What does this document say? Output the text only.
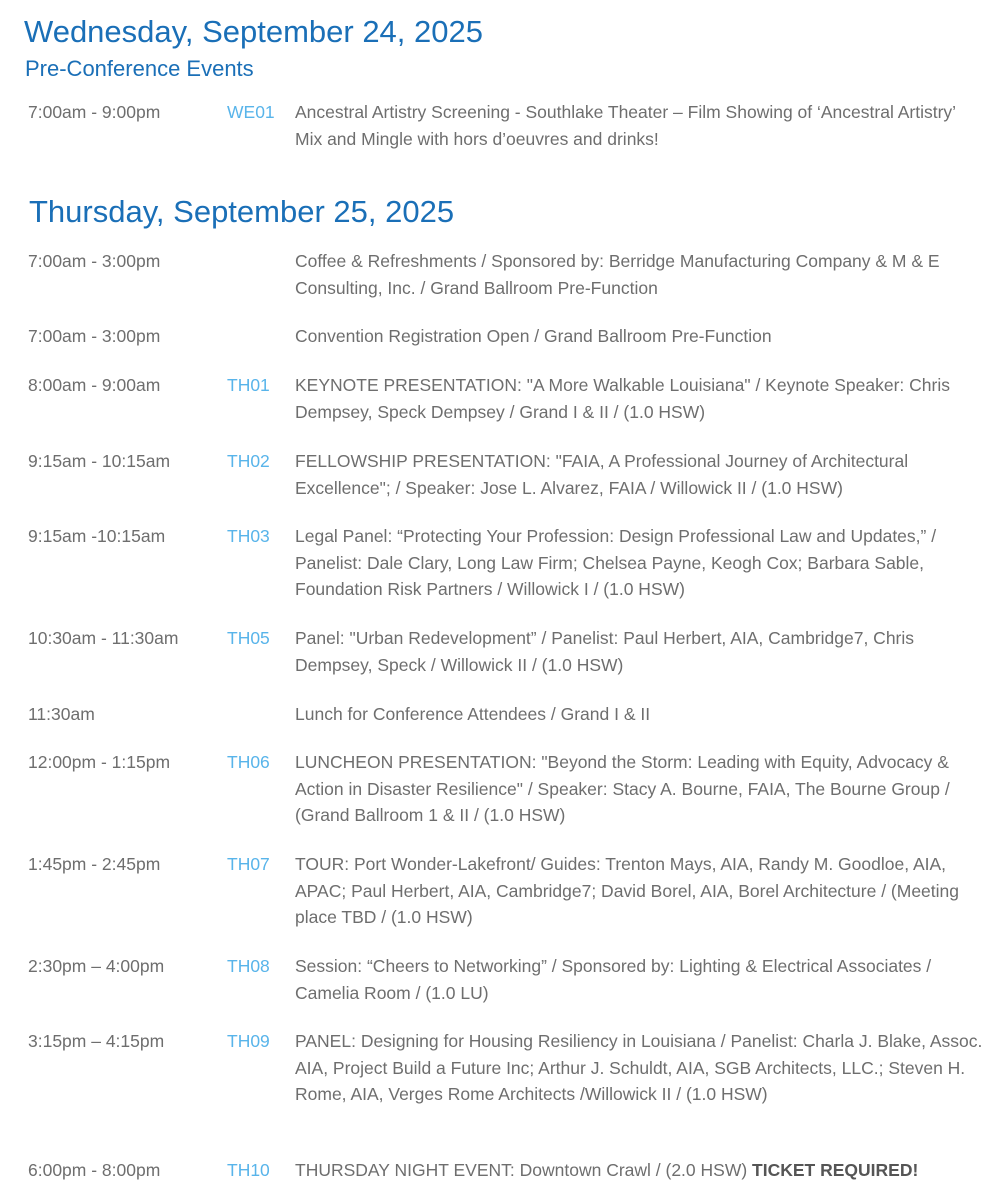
Wednesday, September 24, 2025
Pre-Conference Events
7:00am - 9:00pm	WE01 Ancestral Artistry Screening - Southlake Theater – Film Showing of ‘Ancestral Artistry’ Mix and Mingle with hors d’oeuvres and drinks!
Thursday, September 25, 2025
7:00am - 3:00pm	Coffee & Refreshments / Sponsored by: Berridge Manufacturing Company & M & E Consulting, Inc. / Grand Ballroom Pre-Function
7:00am - 3:00pm	Convention Registration Open / Grand Ballroom Pre-Function
8:00am - 9:00am	TH01 KEYNOTE PRESENTATION: "A More Walkable Louisiana" / Keynote Speaker: Chris Dempsey, Speck Dempsey / Grand I & II / (1.0 HSW)
9:15am - 10:15am	TH02 FELLOWSHIP PRESENTATION: "FAIA, A Professional Journey of Architectural Excellence"; / Speaker: Jose L. Alvarez, FAIA / Willowick II / (1.0 HSW)
9:15am -10:15am	TH03 Legal Panel: “Protecting Your Profession: Design Professional Law and Updates,” / Panelist: Dale Clary, Long Law Firm; Chelsea Payne, Keogh Cox; Barbara Sable, Foundation Risk Partners / Willowick I / (1.0 HSW)
10:30am - 11:30am	TH05 Panel: "Urban Redevelopment” / Panelist: Paul Herbert, AIA, Cambridge7, Chris Dempsey, Speck / Willowick II / (1.0 HSW)
11:30am	Lunch for Conference Attendees / Grand I & II
12:00pm - 1:15pm	TH06 LUNCHEON PRESENTATION: "Beyond the Storm: Leading with Equity, Advocacy & Action in Disaster Resilience" / Speaker: Stacy A. Bourne, FAIA, The Bourne Group / (Grand Ballroom 1 & II / (1.0 HSW)
1:45pm - 2:45pm	TH07 TOUR: Port Wonder-Lakefront/ Guides: Trenton Mays, AIA, Randy M. Goodloe, AIA, APAC; Paul Herbert, AIA, Cambridge7; David Borel, AIA, Borel Architecture / (Meeting place TBD / (1.0 HSW)
2:30pm – 4:00pm	TH08 Session: “Cheers to Networking” / Sponsored by: Lighting & Electrical Associates / Camelia Room / (1.0 LU)
3:15pm – 4:15pm	TH09 PANEL: Designing for Housing Resiliency in Louisiana / Panelist: Charla J. Blake, Assoc. AIA, Project Build a Future Inc; Arthur J. Schuldt, AIA, SGB Architects, LLC.; Steven H. Rome, AIA, Verges Rome Architects /Willowick II / (1.0 HSW)
6:00pm - 8:00pm	TH10 THURSDAY NIGHT EVENT: Downtown Crawl / (2.0 HSW) TICKET REQUIRED!
